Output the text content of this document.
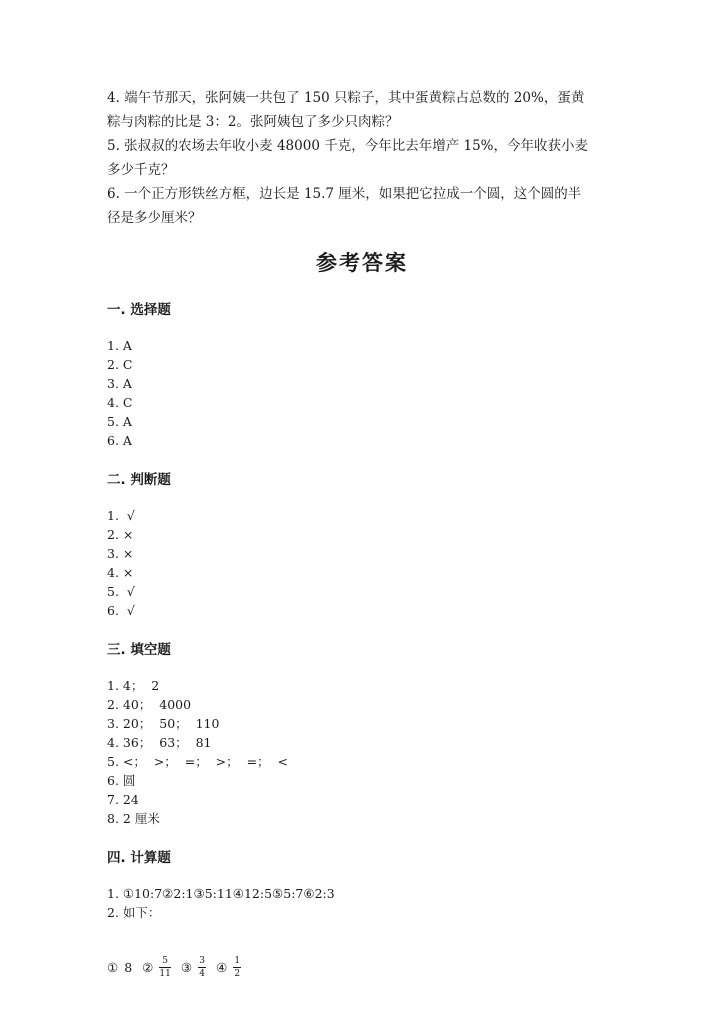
4. 端午节那天，张阿姨一共包了 150 只粽子，其中蛋黄粽占总数的 20%，蛋黄

粽与肉粽的比是 3：2。张阿姨包了多少只肉粽？

5. 张叔叔的农场去年收小麦 48000 千克，今年比去年增产 15%，今年收获小麦

多少千克？

6. 一个正方形铁丝方框，边长是 15.7 厘米，如果把它拉成一个圆，这个圆的半

径是多少厘米？

参考答案
一. 选择题
1. A
2. C
3. A
4. C
5. A
6. A
二. 判断题
1.  √
2. ×
3. ×
4. ×
5.  √
6.  √
三. 填空题
1. 4；  2
2. 40；  4000
3. 20；  50；  110
4. 36；  63；  81
5. <；  >；  =；  >；  =；  <
6. 圆
7. 24
8. 2 厘米
四. 计算题
1. ①10:7②2:1③5:11④12:5⑤5:7⑥2:3
2. 如下：
① 8 ② $\frac{5}{11}$ ③ $\frac{3}{4}$ ④ $\frac{1}{2}$
